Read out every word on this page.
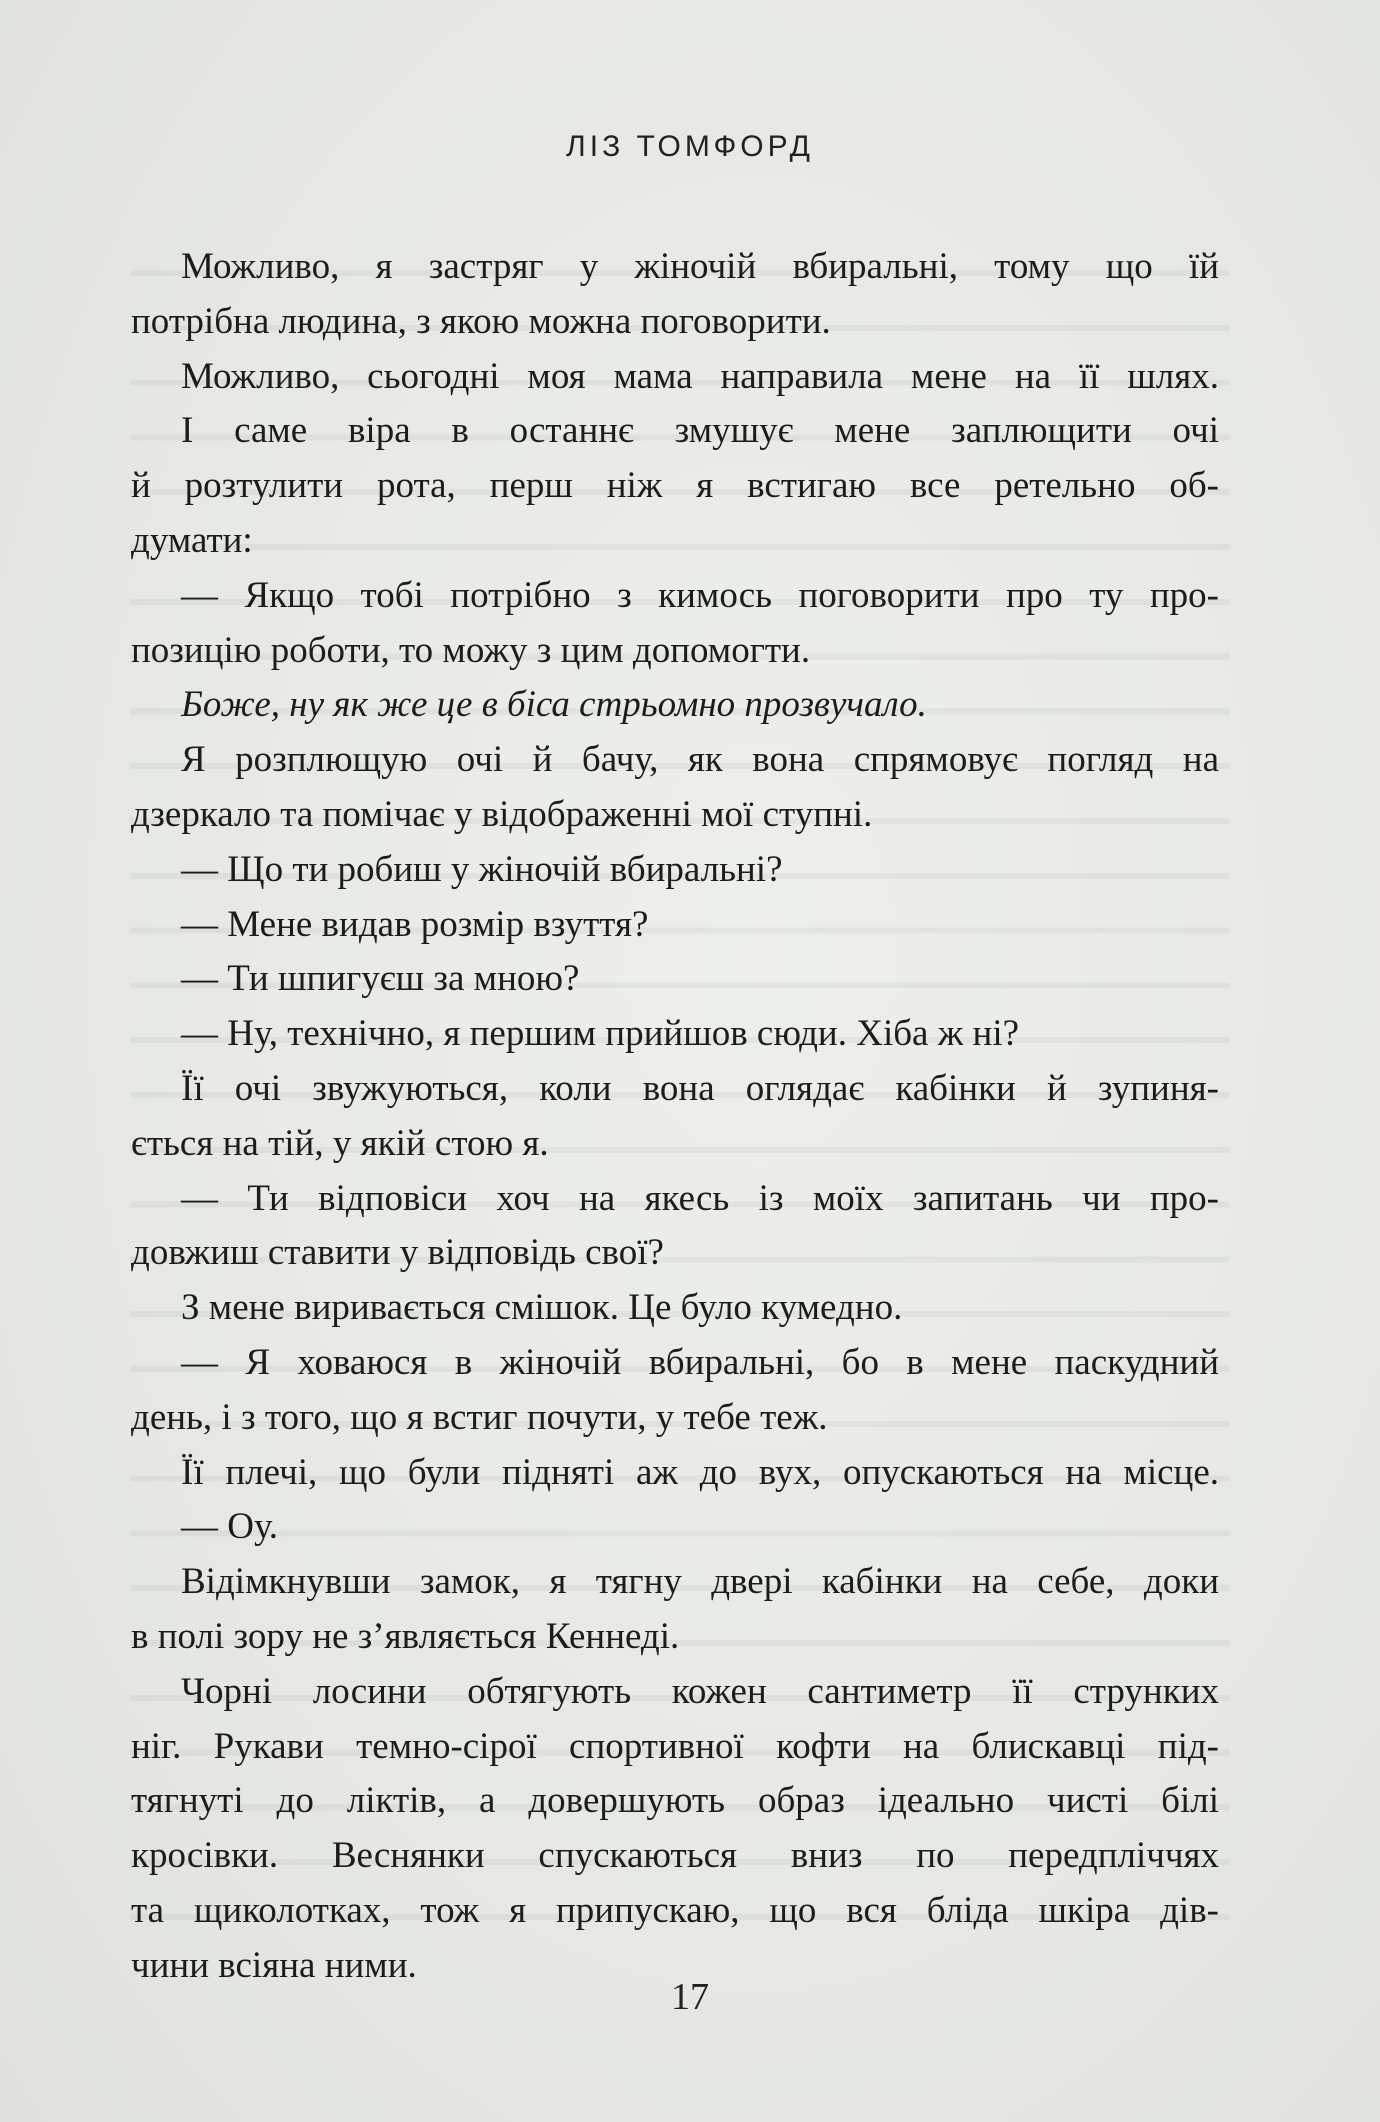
ЛІЗ ТОМФОРД
Можливо, я застряг у жіночій вбиральні, тому що їй
потрібна людина, з якою можна поговорити.
Можливо, сьогодні моя мама направила мене на її шлях.
І саме віра в останнє змушує мене заплющити очі
й розтулити рота, перш ніж я встигаю все ретельно об-
думати:
— Якщо тобі потрібно з кимось поговорити про ту про-
позицію роботи, то можу з цим допомогти.
Боже, ну як же це в біса стрьомно прозвучало.
Я розплющую очі й бачу, як вона спрямовує погляд на
дзеркало та помічає у відображенні мої ступні.
— Що ти робиш у жіночій вбиральні?
— Мене видав розмір взуття?
— Ти шпигуєш за мною?
— Ну, технічно, я першим прийшов сюди. Хіба ж ні?
Її очі звужуються, коли вона оглядає кабінки й зупиня-
ється на тій, у якій стою я.
— Ти відповіси хоч на якесь із моїх запитань чи про-
довжиш ставити у відповідь свої?
З мене виривається смішок. Це було кумедно.
— Я ховаюся в жіночій вбиральні, бо в мене паскудний
день, і з того, що я встиг почути, у тебе теж.
Її плечі, що були підняті аж до вух, опускаються на місце.
— Оу.
Відімкнувши замок, я тягну двері кабінки на себе, доки
в полі зору не з’являється Кеннеді.
Чорні лосини обтягують кожен сантиметр її струнких
ніг. Рукави темно-сірої спортивної кофти на блискавці під-
тягнуті до ліктів, а довершують образ ідеально чисті білі
кросівки. Веснянки спускаються вниз по передпліччях
та щиколотках, тож я припускаю, що вся бліда шкіра дів-
чини всіяна ними.
17
